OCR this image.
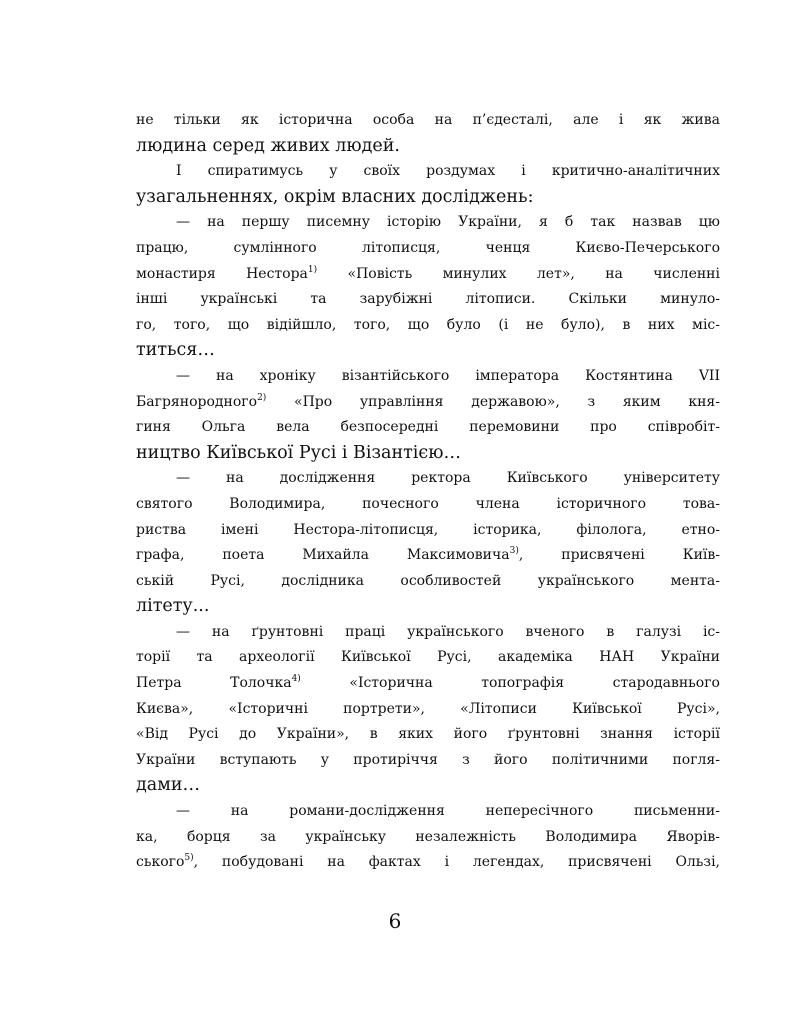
не тільки як історична особа на п’єдесталі, але і як жива
людина серед живих людей.
І спиратимусь у своїх роздумах і критично-аналітичних
узагальненнях, окрім власних досліджень:
— на першу писемну історію України, я б так назвав цю
працю, сумлінного літописця, ченця Києво-Печерського
монастиря Нестора$^{1)}$ «Повість минулих лет», на численні
інші українські та зарубіжні літописи. Скільки минуло-
го, того, що відійшло, того, що було (і не було), в них міс-
титься…
— на хроніку візантійського імператора Костянтина VII
Багрянородного$^{2)}$ «Про управління державою», з яким кня-
гиня Ольга вела безпосередні перемовини про співробіт-
ництво Київської Русі і Візантією…
— на дослідження ректора Київського університету
святого Володимира, почесного члена історичного това-
риства імені Нестора-літописця, історика, філолога, етно-
графа, поета Михайла Максимовича$^{3)}$, присвячені Київ-
ській Русі, дослідника особливостей українського мента-
літету...
— на ґрунтовні праці українського вченого в галузі іс-
торії та археології Київської Русі, академіка НАН України
Петра Толочка$^{4)}$ «Історична топографія стародавнього
Києва», «Історичні портрети», «Літописи Київської Русі»,
«Від Русі до України», в яких його ґрунтовні знання історії
України вступають у протиріччя з його політичними погля-
дами…
— на романи-дослідження непересічного письменни-
ка, борця за українську незалежність Володимира Яворів-
ського$^{5)}$, побудовані на фактах і легендах, присвячені Ользі,
6
